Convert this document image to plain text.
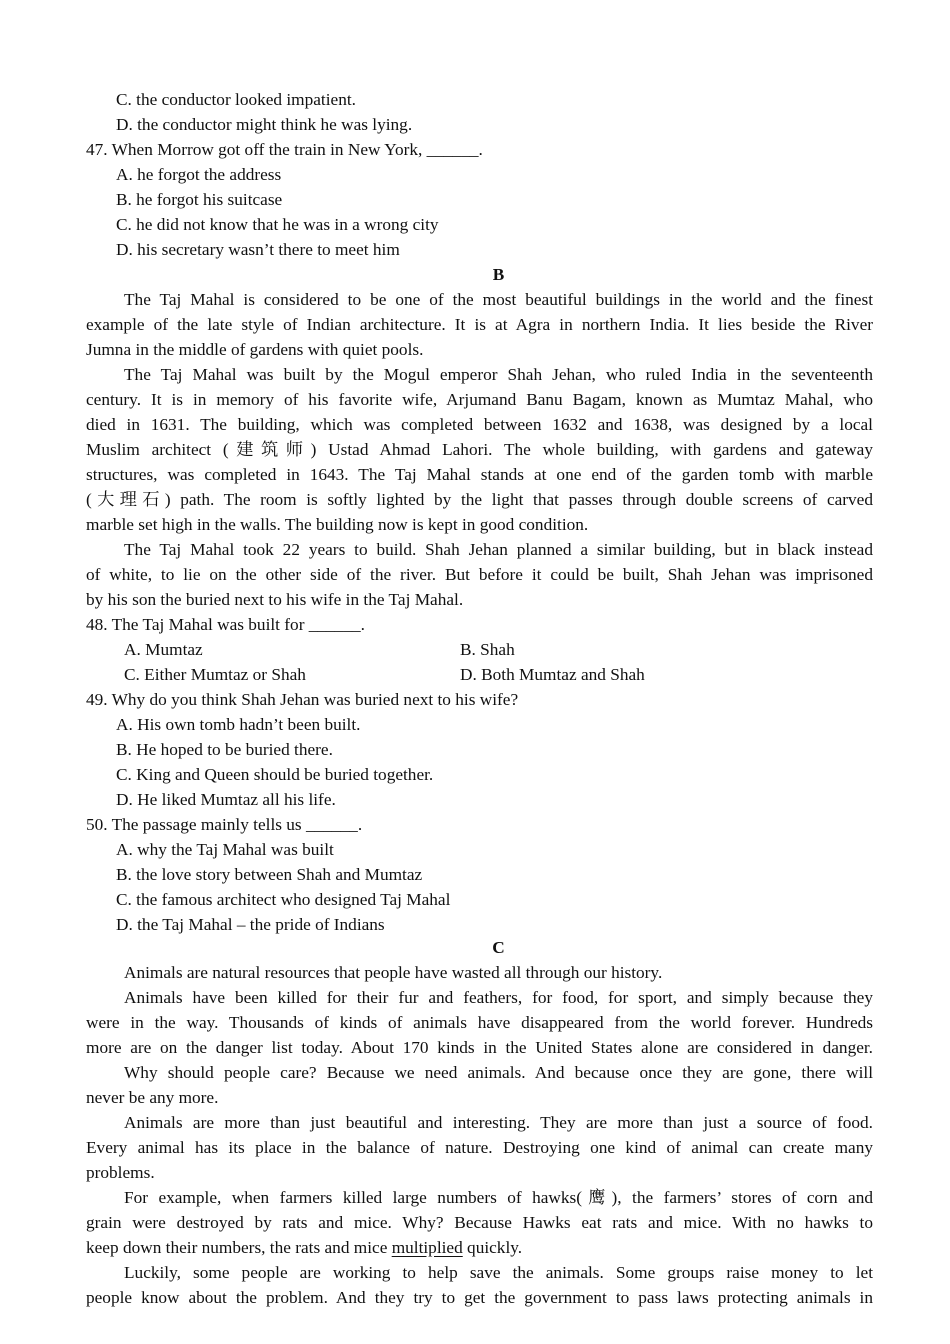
C. the conductor looked impatient.
D. the conductor might think he was lying.
47. When Morrow got off the train in New York, ______.
A. he forgot the address
B. he forgot his suitcase
C. he did not know that he was in a wrong city
D. his secretary wasn’t there to meet him
B
The Taj Mahal is considered to be one of the most beautiful buildings in the world and the finest
example of the late style of Indian architecture. It is at Agra in northern India. It lies beside the River
Jumna in the middle of gardens with quiet pools.
The Taj Mahal was built by the Mogul emperor Shah Jehan, who ruled India in the seventeenth
century. It is in memory of his favorite wife, Arjumand Banu Bagam, known as Mumtaz Mahal, who
died in 1631. The building, which was completed between 1632 and 1638, was designed by a local
Muslim architect (建筑师) Ustad Ahmad Lahori. The whole building, with gardens and gateway
structures, was completed in 1643. The Taj Mahal stands at one end of the garden tomb with marble
(大理石) path. The room is softly lighted by the light that passes through double screens of carved
marble set high in the walls. The building now is kept in good condition.
The Taj Mahal took 22 years to build. Shah Jehan planned a similar building, but in black instead
of white, to lie on the other side of the river. But before it could be built, Shah Jehan was imprisoned
by his son the buried next to his wife in the Taj Mahal.
48. The Taj Mahal was built for ______.
A. Mumtaz	B. Shah
C. Either Mumtaz or Shah	D. Both Mumtaz and Shah
49. Why do you think Shah Jehan was buried next to his wife?
A. His own tomb hadn’t been built.
B. He hoped to be buried there.
C. King and Queen should be buried together.
D. He liked Mumtaz all his life.
50. The passage mainly tells us ______.
A. why the Taj Mahal was built
B. the love story between Shah and Mumtaz
C. the famous architect who designed Taj Mahal
D. the Taj Mahal – the pride of Indians
C
Animals are natural resources that people have wasted all through our history.
Animals have been killed for their fur and feathers, for food, for sport, and simply because they
were in the way. Thousands of kinds of animals have disappeared from the world forever. Hundreds
more are on the danger list today. About 170 kinds in the United States alone are considered in danger.
Why should people care? Because we need animals. And because once they are gone, there will
never be any more.
Animals are more than just beautiful and interesting. They are more than just a source of food.
Every animal has its place in the balance of nature. Destroying one kind of animal can create many
problems.
For example, when farmers killed large numbers of hawks(鹰), the farmers’ stores of corn and
grain were destroyed by rats and mice. Why? Because Hawks eat rats and mice. With no hawks to
keep down their numbers, the rats and mice multiplied quickly.
Luckily, some people are working to help save the animals. Some groups raise money to let
people know about the problem. And they try to get the government to pass laws protecting animals in
